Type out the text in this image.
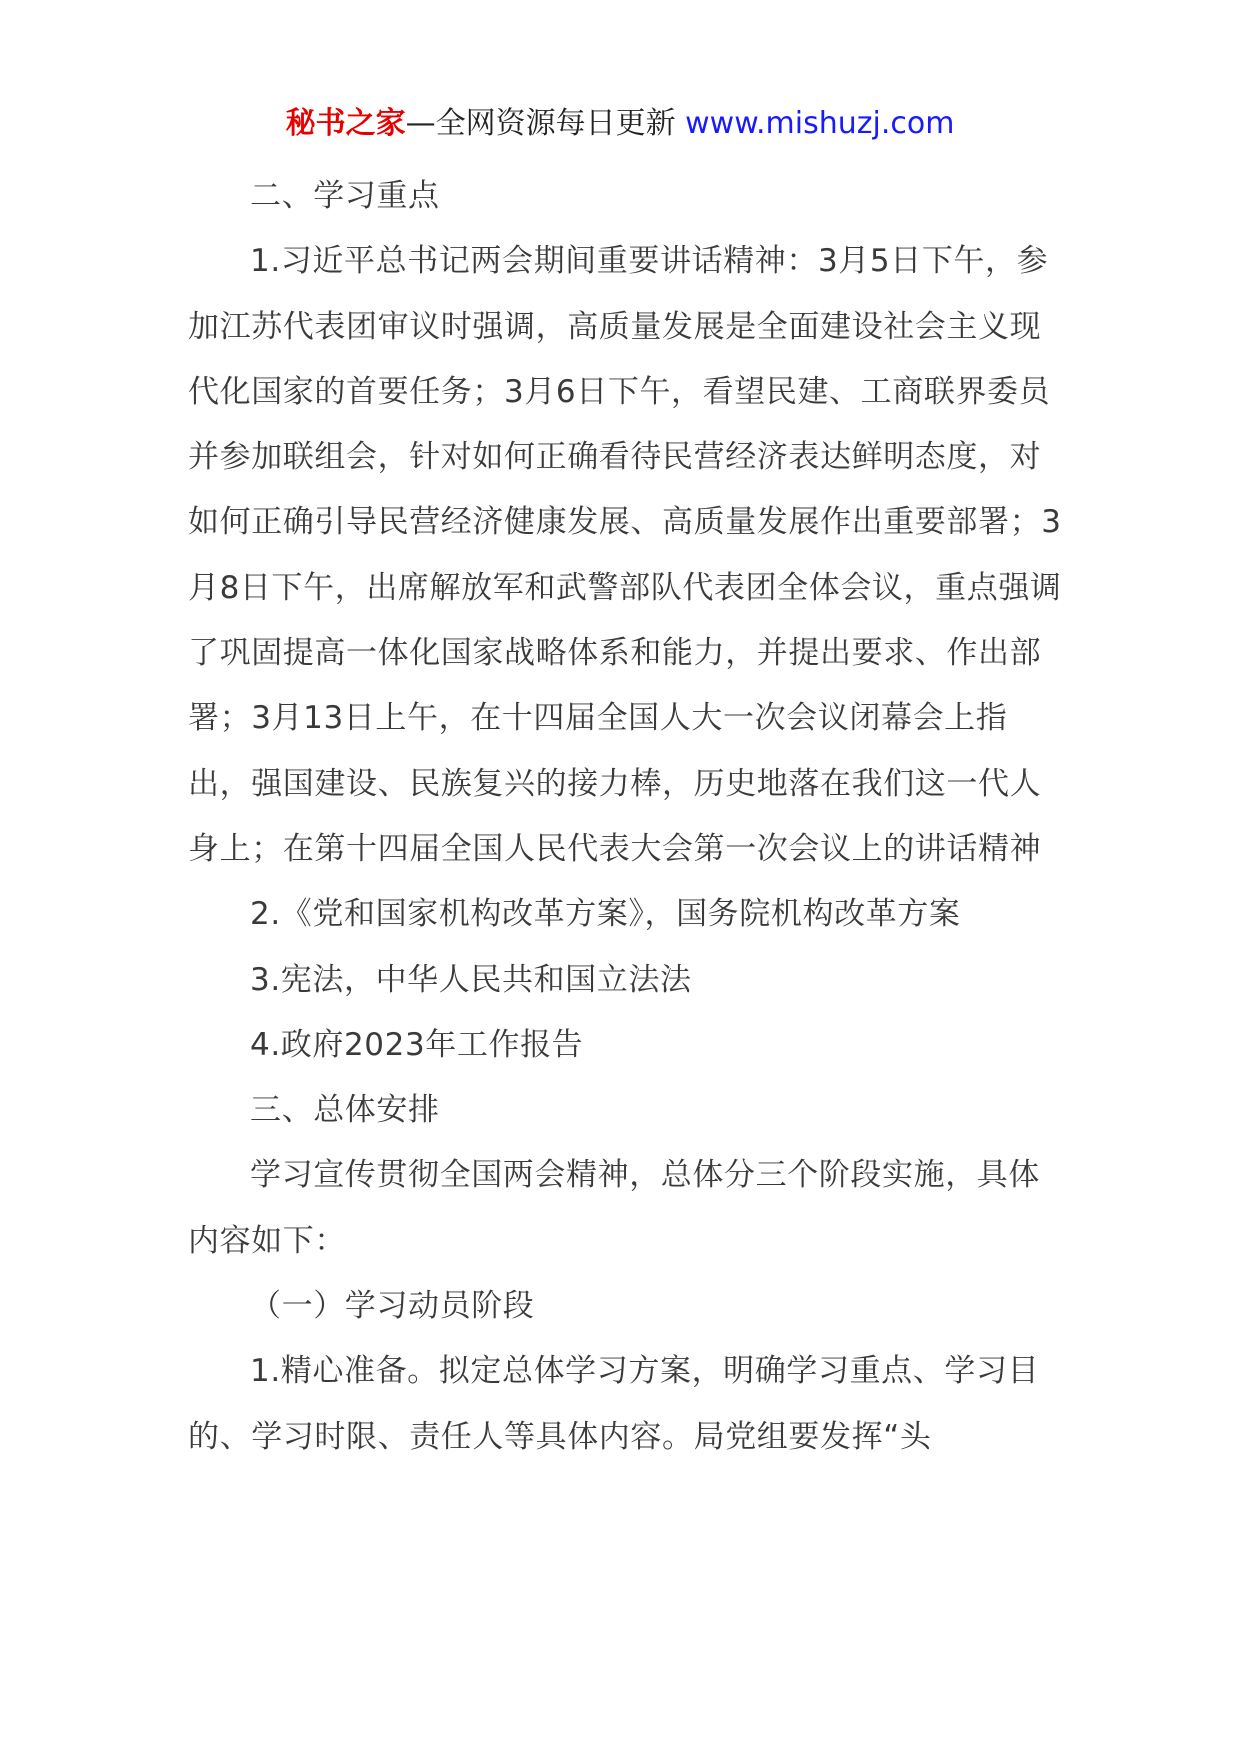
秘书之家—全网资源每日更新 www.mishuzj.com

二、学习重点

1.习近平总书记两会期间重要讲话精神：3月5日下午，参加江苏代表团审议时强调，高质量发展是全面建设社会主义现代化国家的首要任务；3月6日下午，看望民建、工商联界委员并参加联组会，针对如何正确看待民营经济表达鲜明态度，对如何正确引导民营经济健康发展、高质量发展作出重要部署；3月8日下午，出席解放军和武警部队代表团全体会议，重点强调了巩固提高一体化国家战略体系和能力，并提出要求、作出部署；3月13日上午，在十四届全国人大一次会议闭幕会上指出，强国建设、民族复兴的接力棒，历史地落在我们这一代人身上；在第十四届全国人民代表大会第一次会议上的讲话精神

2.《党和国家机构改革方案》，国务院机构改革方案

3.宪法，中华人民共和国立法法

4.政府2023年工作报告

三、总体安排

学习宣传贯彻全国两会精神，总体分三个阶段实施，具体内容如下：

（一）学习动员阶段

1.精心准备。拟定总体学习方案，明确学习重点、学习目的、学习时限、责任人等具体内容。局党组要发挥“头
